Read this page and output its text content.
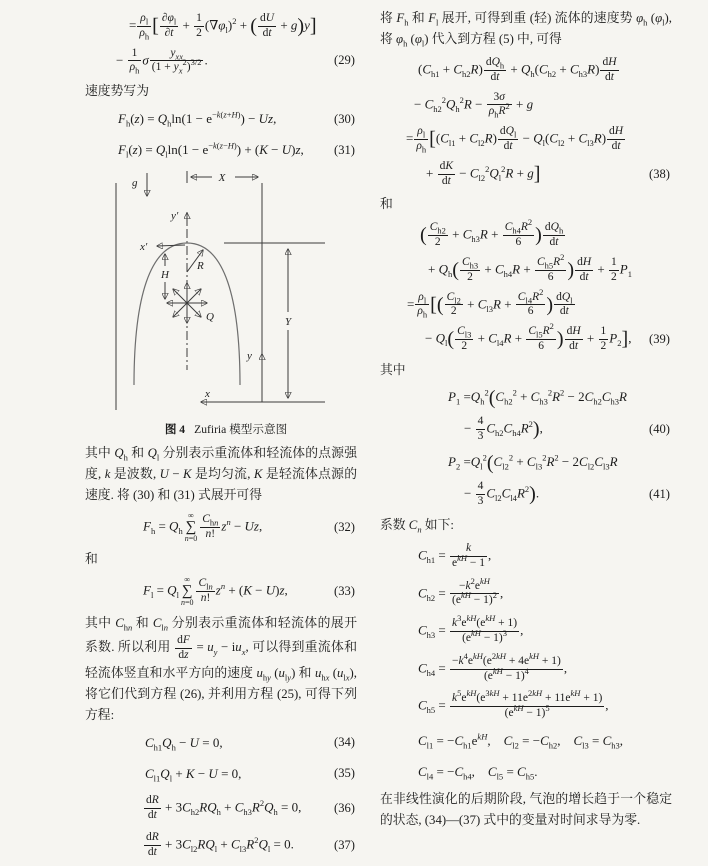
= $\frac{\rho_l}{\rho_h}$ [ $\frac{\partial\varphi_l}{\partial t} + \frac{1}{2} (\nabla\varphi_l)^2$ + ( $\frac{dU}{dt} + g)y$]
− $\frac{1}{\rho_h}$ σ	$y_{xx}$
$(1 + y_x^2)^{3/2}$ .	(29)
速度势写为
$F_h(z) = Q_h\ln(1 - e^{-k(z+H)}) - Uz$,	(30)
$F_l(z) = Q_l\ln(1 - e^{-k(z-H)}) + (K - U)z$, (31)
g	X
y
y′
x′
R
H
Q	Y
x
图 4 Zufiria 模型示意图
其中 $Q_h$ 和 $Q_l$ 分别表示重流体和轻流体的点源强度, k 是波数, U − K 是均匀流, K 是轻流体点源的速度. 将 (30) 和 (31) 式展开可得
$F_h = Q_h$
∞
∑
n=0
$C_{hn}$
n!
$z^n - Uz$,	(32)
和
$F_l = Q_l$
∞
∑
$n=0 \frac{C_{ln}}{n!} z^n + (K - U)z$,	(33)
其中 $C_{hn}$ 和 $C_{ln}$ 分别表示重流体和轻流体的展开系数. 所以利用 $\frac{dF}{dz} = u_y - iu_x$, 可以得到重流体和轻流体竖直和水平方向的速度 $u_{hy}$ $(u_{ly})$ 和 $u_{hx}$ $(u_{lx})$, 将它们代到方程 (26), 并利用方程 (25), 可得下列方程:
$C_{h1}Q_h - U = 0$,	(34)
$C_{l1}Q_l + K - U = 0$,	(35)
$\frac{dR}{dt} + 3C_{h2}RQ_h + C_{h3}R^2Q_h = 0$,	(36)
$\frac{dR}{dt} + 3C_{l2}RQ_l + C_{l3}R^2Q_l = 0$.	(37)
将 $F_h$ 和 $F_l$ 展开, 可得到重 (轻) 流体的速度势 $\varphi_h$ $(\varphi_l)$, 将 $\varphi_h$ $(\varphi_l)$ 代入到方程 (5) 中, 可得
$(C_{h1} + C_{h2}R)$ $dQ_h$
dt
+ $Q_h(C_{h2} + C_{h3}R) \frac{dH}{dt}$
− $C_{h2}^2Q_h^2R - 3\sigma$
$\rho_hR^2 + g$
= $\frac{\rho_l}{\rho_h} [(C_{l1} + C_{l2}R)$ $dQ_l$
dt
− $Q_l(C_{l2} + C_{l3}R) \frac{dH}{dt}$
+ $\frac{dK}{dt} - C_{l2}^2Q_l^2R + g$]	(38)
和
( $\frac{C_{h2}}{2} + C_{h3}R + \frac{C_{h4}R^2}{6}$ ) $dQ_h$
dt
+ $Q_h( \frac{C_{h3}}{2} + C_{h4}R + \frac{C_{h5}R^2}{6}$ ) $\frac{dH}{dt} + \frac{1}{2} P_1$
= $\frac{\rho_l}{\rho_h}$ [( $\frac{C_{l2}}{2} + C_{l3}R + \frac{C_{l4}R^2}{6}$ ) $dQ_l$
dt
− $Q_l( \frac{C_{l3}}{2} + C_{l4}R + \frac{C_{l5}R^2}{6}$ ) $\frac{dH}{dt} + \frac{1}{2} P_2$], (39)
其中
$P_1 =Q_h^2(C_{h2}^2 + C_{h3}^2R^2 - 2C_{h2}C_{h3}R$
− $\frac{4}{3} C_{h2}C_{h4}R^2$),	(40)
$P_2 =Q_l^2(C_{l2}^2 + C_{l3}^2R^2 - 2C_{l2}C_{l3}R$
− $\frac{4}{3} C_{l2}C_{l4}R^2$).	(41)
系数 $C_n$ 如下:
$C_{h1}$ =	k
$e^{kH} - 1$
,
$C_{h2} = -k^2e^{kH}$
$(e^{kH} - 1)^2$ ,
$C_{h3} = k^3e^{kH}(e^{kH} + 1)$
$(e^{kH} - 1)^3$	,
$C_{h4} = -k^4e^{kH}(e^{2kH} + 4e^{kH} + 1)$
$(e^{kH} - 1)^4$	,
$C_{h5} = k^5e^{kH}(e^{3kH} + 11e^{2kH} + 11e^{kH} + 1)$
$(e^{kH} - 1)^5$	,
$C_{l1} = -C_{h1}e^{kH}$,  $C_{l2} = -C_{h2}$,  $C_{l3} = C_{h3}$,
$C_{l4} = -C_{h4}$,  $C_{l5} = C_{h5}$.
在非线性演化的后期阶段, 气泡的增长趋于一个稳定的状态, (34)—(37) 式中的变量对时间求导为零.
